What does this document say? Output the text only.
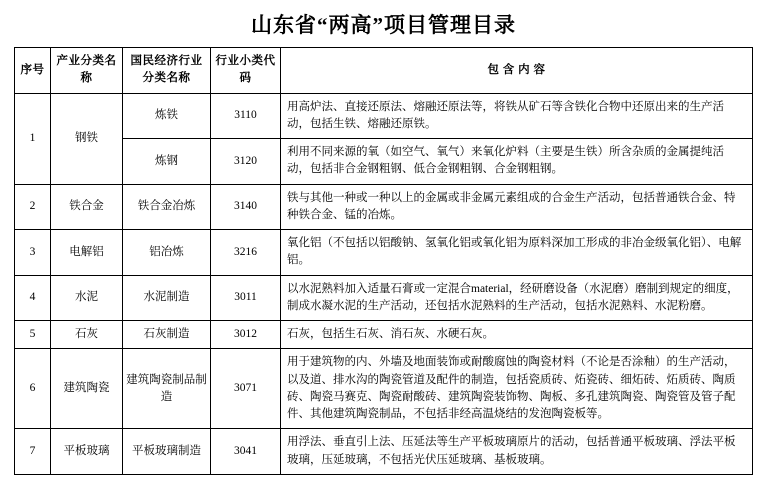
山东省“两高”项目管理目录
序号	产业分类名称	国民经济行业分类名称	行业小类代码	包 含 内 容
1	钢铁	炼铁	3110	用高炉法、直接还原法、熔融还原法等，将铁从矿石等含铁化合物中还原出来的生产活动，包括生铁、熔融还原铁。
		炼钢	3120	利用不同来源的氧（如空气、氧气）来氧化炉料（主要是生铁）所含杂质的金属提纯活动，包括非合金钢粗钢、低合金钢粗钢、合金钢粗钢。
2	铁合金	铁合金冶炼	3140	铁与其他一种或一种以上的金属或非金属元素组成的合金生产活动，包括普通铁合金、特种铁合金、锰的冶炼。
3	电解铝	铝冶炼	3216	氧化铝（不包括以铝酸钠、氢氧化铝或氧化铝为原料深加工形成的非冶金级氧化铝）、电解铝。
4	水泥	水泥制造	3011	以水泥熟料加入适量石膏或一定混合material，经研磨设备（水泥磨）磨制到规定的细度，制成水凝水泥的生产活动，还包括水泥熟料的生产活动，包括水泥熟料、水泥粉磨。
5	石灰	石灰制造	3012	石灰，包括生石灰、消石灰、水硬石灰。
6	建筑陶瓷	建筑陶瓷制品制造	3071	用于建筑物的内、外墙及地面装饰或耐酸腐蚀的陶瓷材料（不论是否涂釉）的生产活动，以及道、排水沟的陶瓷管道及配件的制造，包括瓷质砖、炻瓷砖、细炻砖、炻质砖、陶质砖、陶瓷马赛克、陶瓷耐酸砖、建筑陶瓷装饰物、陶板、多孔建筑陶瓷、陶瓷管及管子配件、其他建筑陶瓷制品，不包括非经高温烧结的发泡陶瓷板等。
7	平板玻璃	平板玻璃制造	3041	用浮法、垂直引上法、压延法等生产平板玻璃原片的活动，包括普通平板玻璃、浮法平板玻璃，压延玻璃，不包括光伏压延玻璃、基板玻璃。
